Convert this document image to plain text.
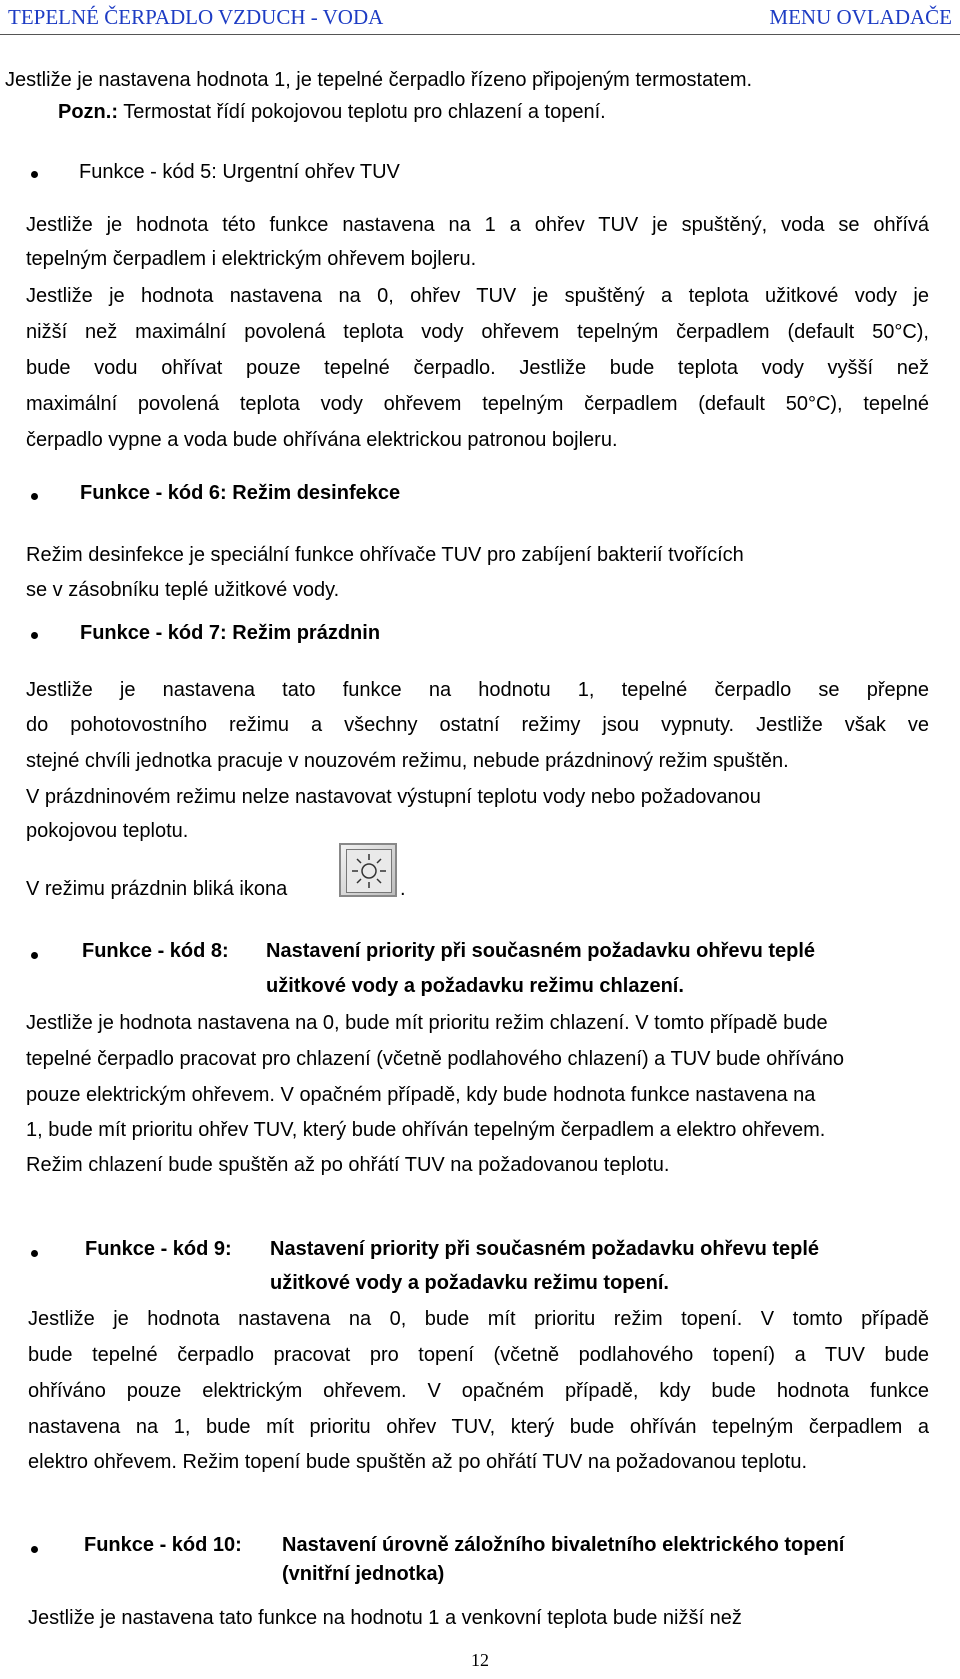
TEPELNÉ ČERPADLO VZDUCH - VODA	MENU OVLADAČE
Jestliže je nastavena hodnota 1, je tepelné čerpadlo řízeno připojeným termostatem.
Pozn.: Termostat řídí pokojovou teplotu pro chlazení a topení.
Funkce - kód 5: Urgentní ohřev TUV
Jestliže je hodnota této funkce nastavena na 1 a ohřev TUV je spuštěný, voda se ohřívá
tepelným čerpadlem i elektrickým ohřevem bojleru.
Jestliže je hodnota nastavena na 0, ohřev TUV je spuštěný a teplota užitkové vody je
nižší než maximální povolená teplota vody ohřevem tepelným čerpadlem (default 50°C),
bude vodu ohřívat pouze tepelné čerpadlo. Jestliže bude teplota vody vyšší než
maximální povolená teplota vody ohřevem tepelným čerpadlem (default 50°C), tepelné
čerpadlo vypne a voda bude ohřívána elektrickou patronou bojleru.
Funkce - kód 6: Režim desinfekce
Režim desinfekce je speciální funkce ohřívače TUV pro zabíjení bakterií tvořících
se v zásobníku teplé užitkové vody.
Funkce - kód 7: Režim prázdnin
Jestliže je nastavena tato funkce na hodnotu 1, tepelné čerpadlo se přepne
do pohotovostního režimu a všechny ostatní režimy jsou vypnuty. Jestliže však ve
stejné chvíli jednotka pracuje v nouzovém režimu, nebude prázdninový režim spuštěn.
V prázdninovém režimu nelze nastavovat výstupní teplotu vody nebo požadovanou
pokojovou teplotu.
V režimu prázdnin bliká ikona	.
Funkce - kód 8: Nastavení priority při současném požadavku ohřevu teplé
užitkové vody a požadavku režimu chlazení.
Jestliže je hodnota nastavena na 0, bude mít prioritu režim chlazení. V tomto případě bude
tepelné čerpadlo pracovat pro chlazení (včetně podlahového chlazení) a TUV bude ohříváno
pouze elektrickým ohřevem. V opačném případě, kdy bude hodnota funkce nastavena na
1, bude mít prioritu ohřev TUV, který bude ohříván tepelným čerpadlem a elektro ohřevem.
Režim chlazení bude spuštěn až po ohřátí TUV na požadovanou teplotu.
Funkce - kód 9: Nastavení priority při současném požadavku ohřevu teplé
užitkové vody a požadavku režimu topení.
Jestliže je hodnota nastavena na 0, bude mít prioritu režim topení. V tomto případě
bude tepelné čerpadlo pracovat pro topení (včetně podlahového topení) a TUV bude
ohříváno pouze elektrickým ohřevem. V opačném případě, kdy bude hodnota funkce
nastavena na 1, bude mít prioritu ohřev TUV, který bude ohříván tepelným čerpadlem a
elektro ohřevem. Režim topení bude spuštěn až po ohřátí TUV na požadovanou teplotu.
Funkce - kód 10: Nastavení úrovně záložního bivaletního elektrického topení
(vnitřní jednotka)
Jestliže je nastavena tato funkce na hodnotu 1 a venkovní teplota bude nižší než
12
